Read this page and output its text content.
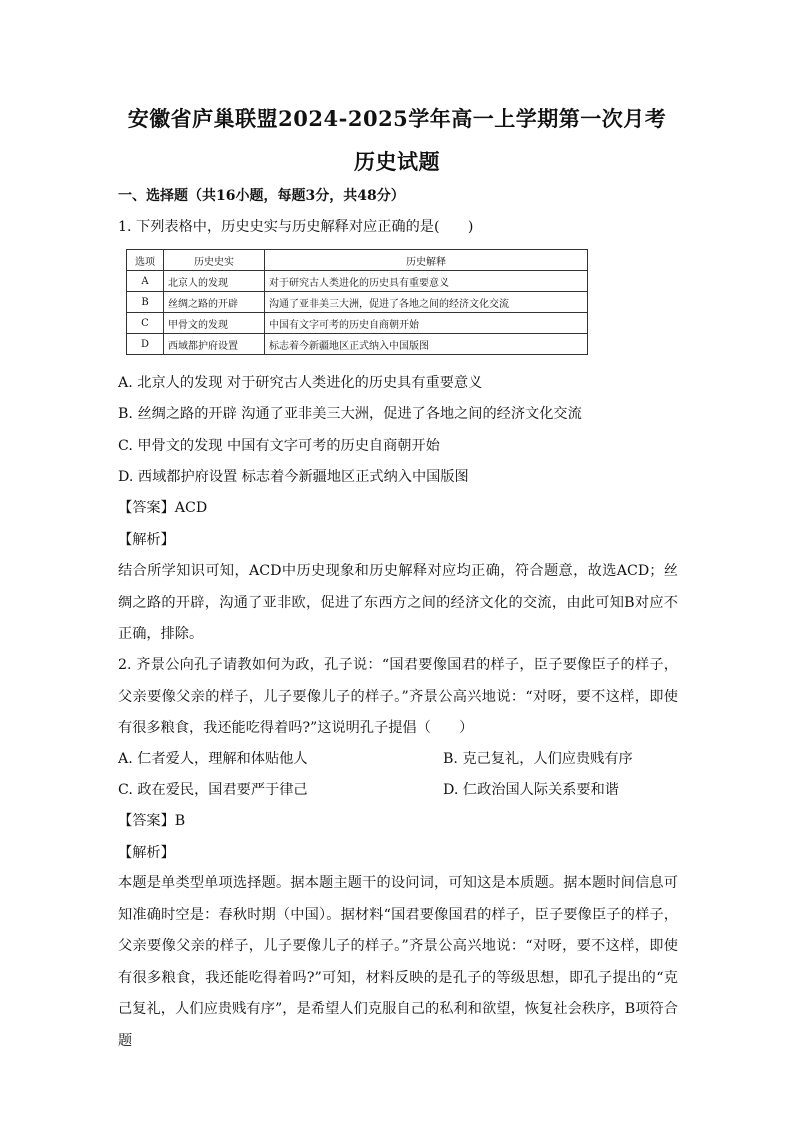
安徽省庐巢联盟2024-2025学年高一上学期第一次月考
历史试题
一、选择题（共16小题，每题3分，共48分）
1. 下列表格中，历史史实与历史解释对应正确的是(　　)
选项	历史史实	历史解释
A	北京人的发现	对于研究古人类进化的历史具有重要意义
B	丝绸之路的开辟	沟通了亚非美三大洲，促进了各地之间的经济文化交流
C	甲骨文的发现	中国有文字可考的历史自商朝开始
D	西域都护府设置	标志着今新疆地区正式纳入中国版图
A. 北京人的发现 对于研究古人类进化的历史具有重要意义
B. 丝绸之路的开辟 沟通了亚非美三大洲，促进了各地之间的经济文化交流
C. 甲骨文的发现 中国有文字可考的历史自商朝开始
D. 西域都护府设置 标志着今新疆地区正式纳入中国版图
【答案】ACD
【解析】
结合所学知识可知，ACD中历史现象和历史解释对应均正确，符合题意，故选ACD；丝绸之路的开辟，沟通了亚非欧，促进了东西方之间的经济文化的交流，由此可知B对应不正确，排除。
2. 齐景公向孔子请教如何为政，孔子说：“国君要像国君的样子，臣子要像臣子的样子，父亲要像父亲的样子，儿子要像儿子的样子。”齐景公高兴地说：“对呀，要不这样，即使有很多粮食，我还能吃得着吗?”这说明孔子提倡（　　）
A. 仁者爱人，理解和体贴他人	B. 克己复礼，人们应贵贱有序
C. 政在爱民，国君要严于律己	D. 仁政治国人际关系要和谐
【答案】B
【解析】
本题是单类型单项选择题。据本题主题干的设问词，可知这是本质题。据本题时间信息可知准确时空是：春秋时期（中国）。据材料“国君要像国君的样子，臣子要像臣子的样子，父亲要像父亲的样子，儿子要像儿子的样子。”齐景公高兴地说：“对呀，要不这样，即使有很多粮食，我还能吃得着吗?”可知，材料反映的是孔子的等级思想，即孔子提出的“克己复礼，人们应贵贱有序”，是希望人们克服自己的私利和欲望，恢复社会秩序，B项符合题
